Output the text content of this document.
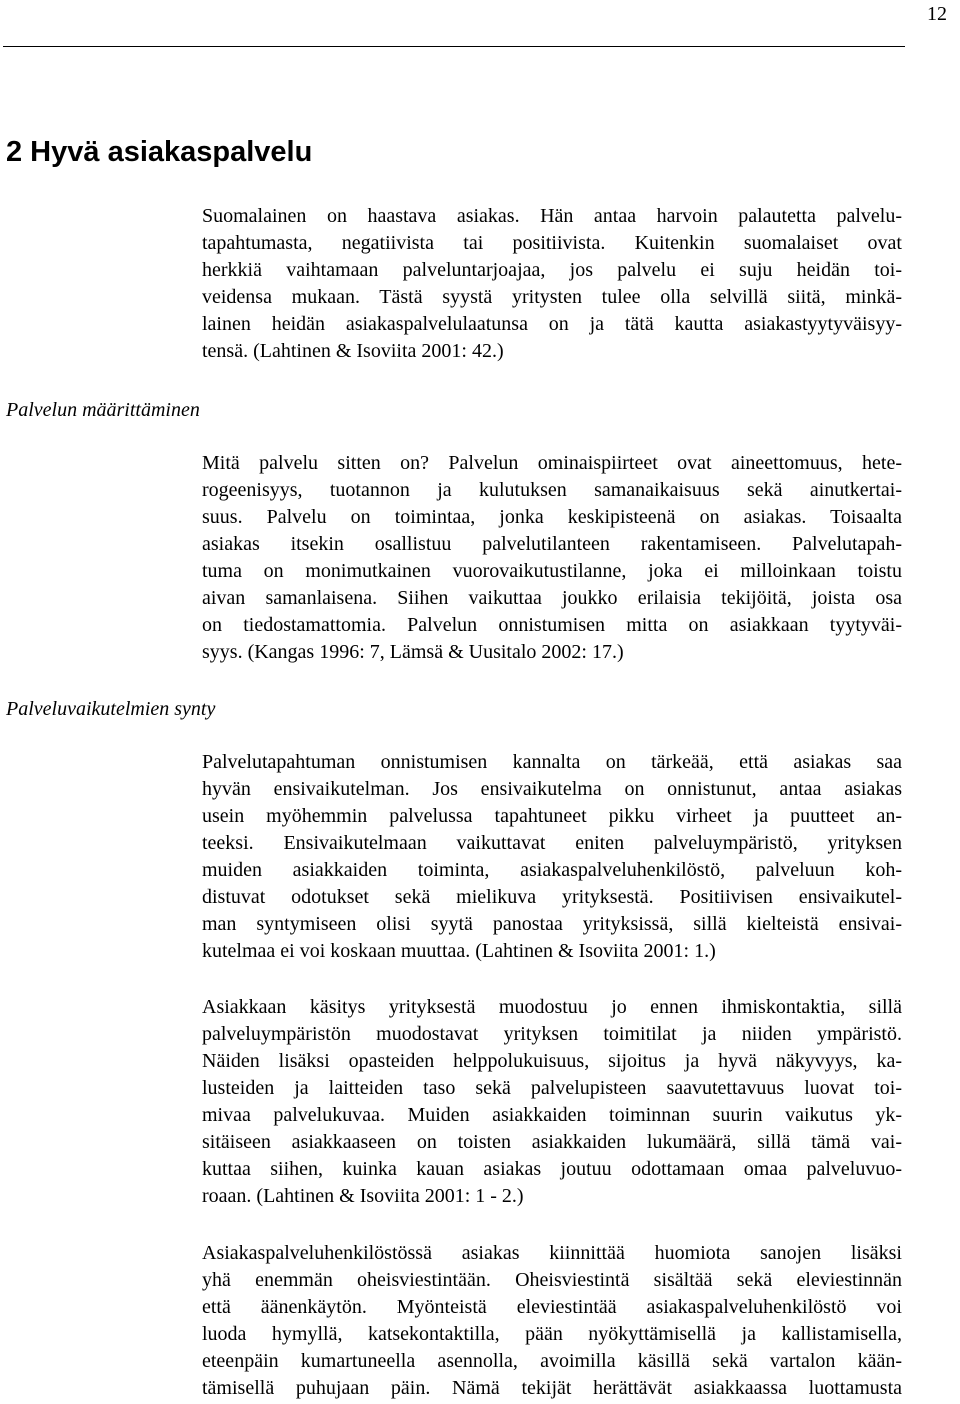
12
2 Hyvä asiakaspalvelu

Palvelun määrittäminen

Palveluvaikutelmien synty

Suomalainen on haastava asiakas. Hän antaa harvoin palautetta palvelu-
tapahtumasta, negatiivista tai positiivista. Kuitenkin suomalaiset ovat
herkkiä vaihtamaan palveluntarjoajaa, jos palvelu ei suju heidän toi-
veidensa mukaan. Tästä syystä yritysten tulee olla selvillä siitä, minkä-
lainen heidän asiakaspalvelulaatunsa on ja tätä kautta asiakastyytyväisyy-
tensä. (Lahtinen & Isoviita 2001: 42.)
Mitä palvelu sitten on? Palvelun ominaispiirteet ovat aineettomuus, hete-
rogeenisyys, tuotannon ja kulutuksen samanaikaisuus sekä ainutkertai-
suus. Palvelu on toimintaa, jonka keskipisteenä on asiakas. Toisaalta
asiakas itsekin osallistuu palvelutilanteen rakentamiseen. Palvelutapah-
tuma on monimutkainen vuorovaikutustilanne, joka ei milloinkaan toistu
aivan samanlaisena. Siihen vaikuttaa joukko erilaisia tekijöitä, joista osa
on tiedostamattomia. Palvelun onnistumisen mitta on asiakkaan tyytyväi-
syys. (Kangas 1996: 7, Lämsä & Uusitalo 2002: 17.)
Palvelutapahtuman onnistumisen kannalta on tärkeää, että asiakas saa
hyvän ensivaikutelman. Jos ensivaikutelma on onnistunut, antaa asiakas
usein myöhemmin palvelussa tapahtuneet pikku virheet ja puutteet an-
teeksi. Ensivaikutelmaan vaikuttavat eniten palveluympäristö, yrityksen
muiden asiakkaiden toiminta, asiakaspalveluhenkilöstö, palveluun koh-
distuvat odotukset sekä mielikuva yrityksestä. Positiivisen ensivaikutel-
man syntymiseen olisi syytä panostaa yrityksissä, sillä kielteistä ensivai-
kutelmaa ei voi koskaan muuttaa. (Lahtinen & Isoviita 2001: 1.)
Asiakkaan käsitys yrityksestä muodostuu jo ennen ihmiskontaktia, sillä
palveluympäristön muodostavat yrityksen toimitilat ja niiden ympäristö.
Näiden lisäksi opasteiden helppolukuisuus, sijoitus ja hyvä näkyvyys, ka-
lusteiden ja laitteiden taso sekä palvelupisteen saavutettavuus luovat toi-
mivaa palvelukuvaa. Muiden asiakkaiden toiminnan suurin vaikutus yk-
sitäiseen asiakkaaseen on toisten asiakkaiden lukumäärä, sillä tämä vai-
kuttaa siihen, kuinka kauan asiakas joutuu odottamaan omaa palveluvuo-
roaan. (Lahtinen & Isoviita 2001: 1 - 2.)
Asiakaspalveluhenkilöstössä asiakas kiinnittää huomiota sanojen lisäksi
yhä enemmän oheisviestintään. Oheisviestintä sisältää sekä eleviestinnän
että äänenkäytön. Myönteistä eleviestintää asiakaspalveluhenkilöstö voi
luoda hymyllä, katsekontaktilla, pään nyökyttämisellä ja kallistamisella,
eteenpäin kumartuneella asennolla, avoimilla käsillä sekä vartalon kään-
tämisellä puhujaan päin. Nämä tekijät herättävät asiakkaassa luottamusta
